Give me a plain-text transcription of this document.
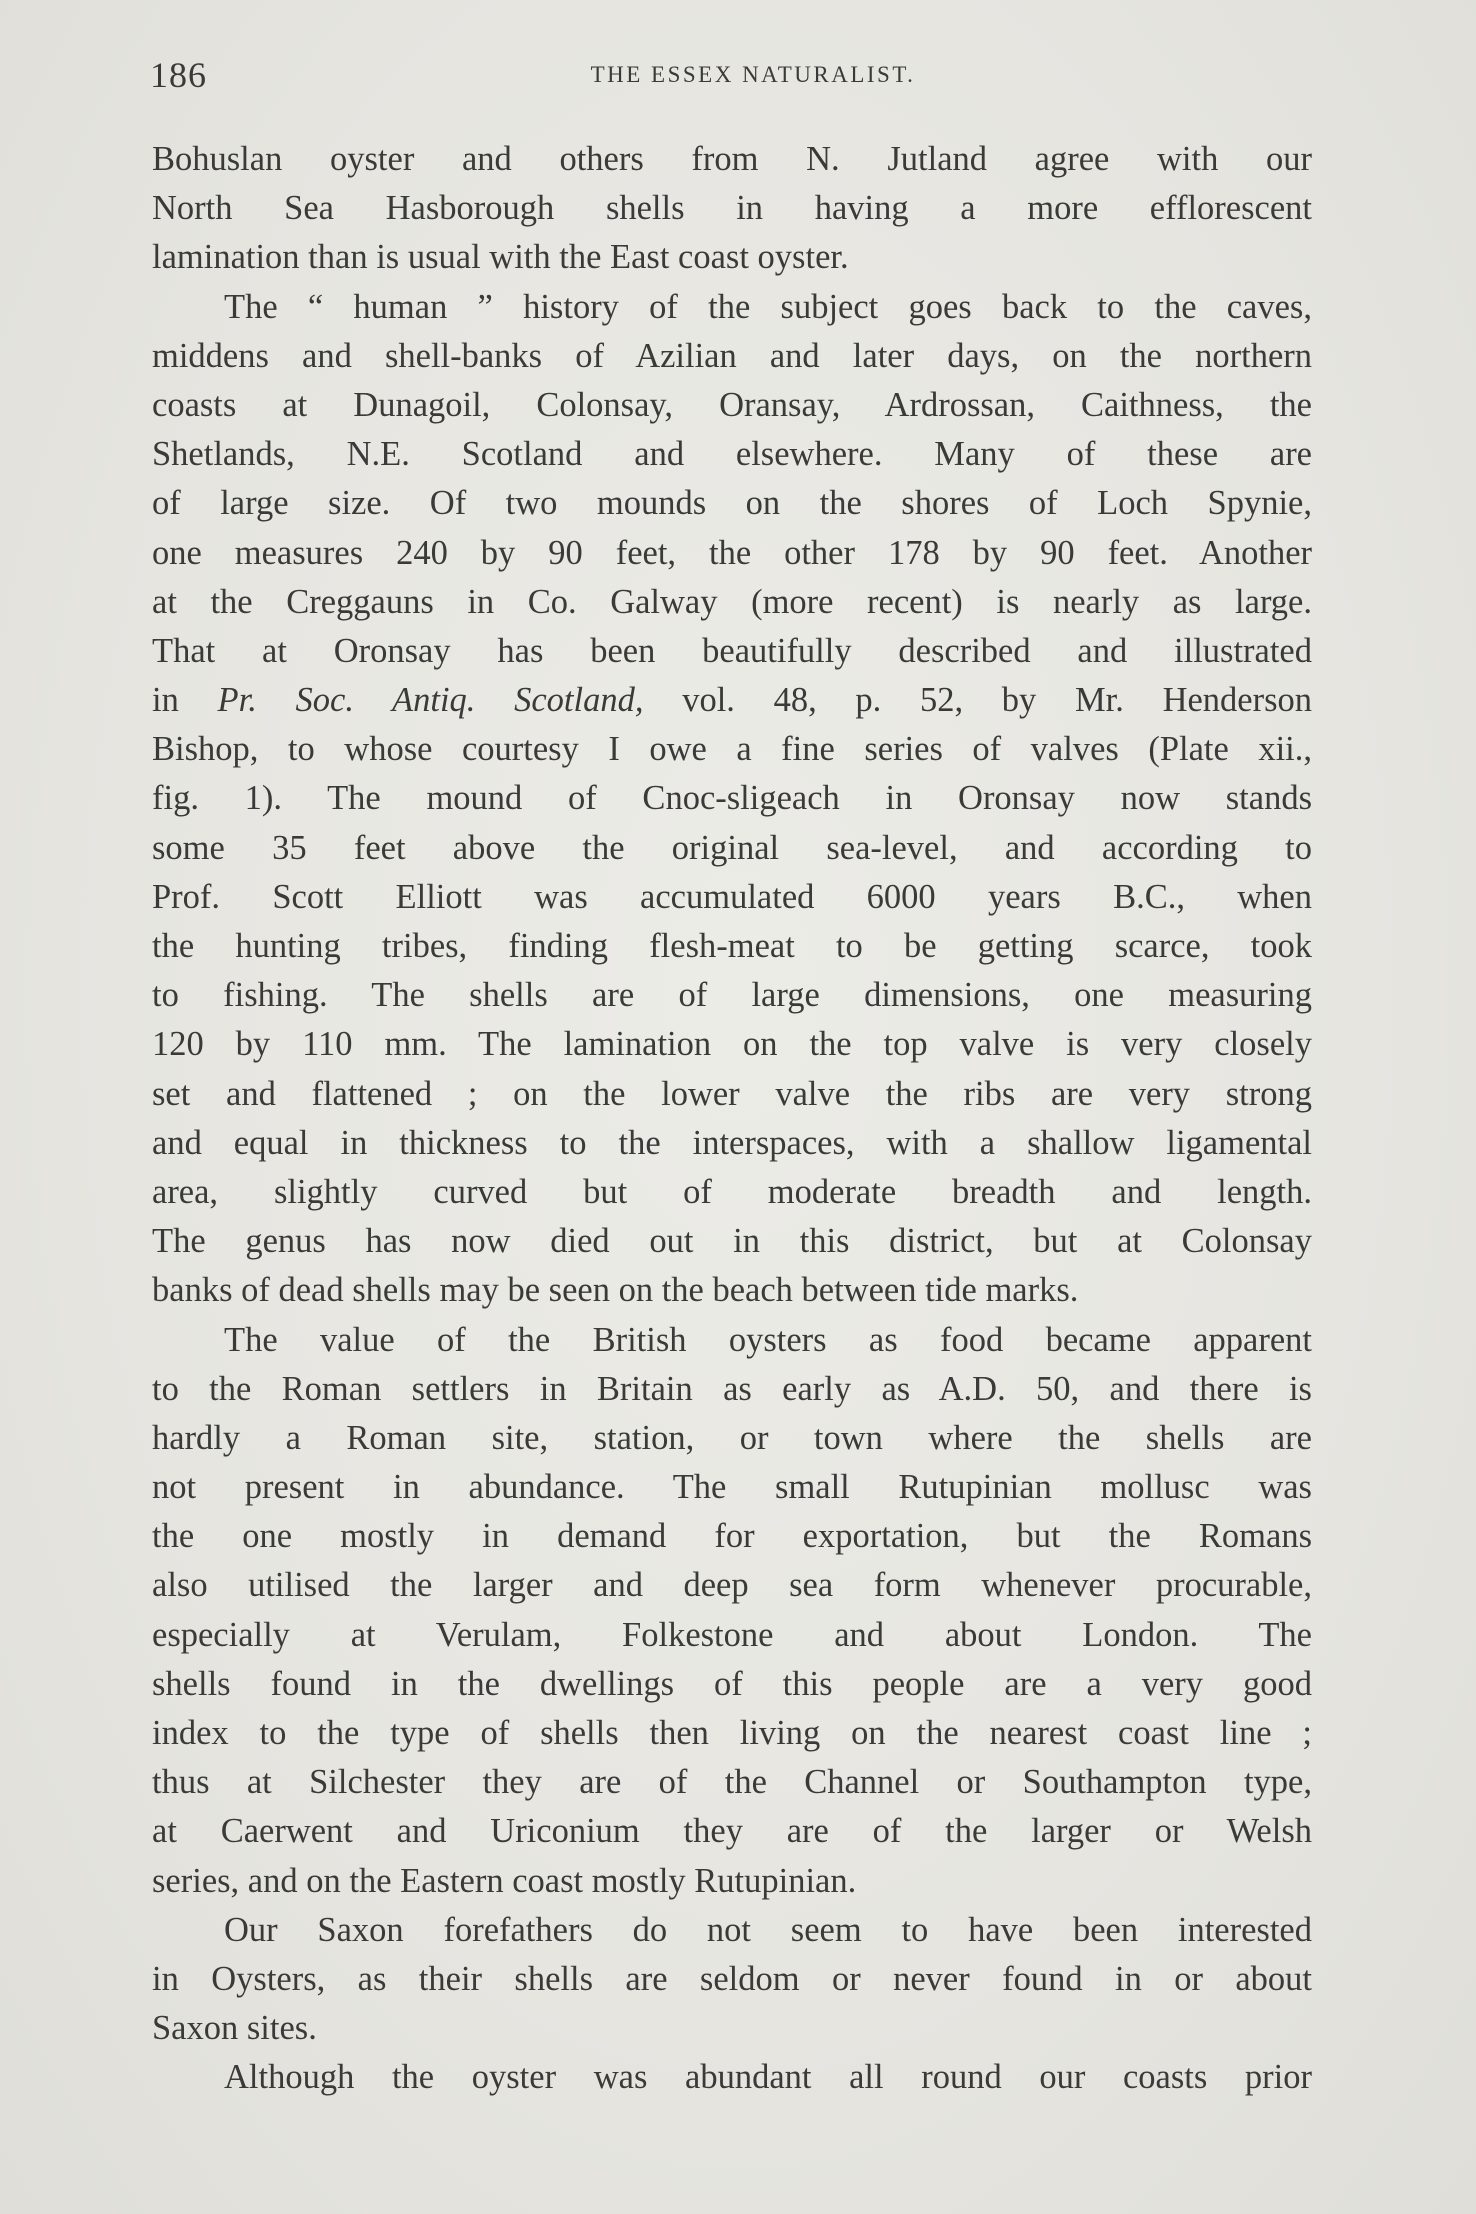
186	THE ESSEX NATURALIST.
Bohuslan oyster and others from N. Jutland agree with our
North Sea Hasborough shells in having a more efflorescent
lamination than is usual with the East coast oyster.
The “ human ” history of the subject goes back to the caves,
middens and shell-banks of Azilian and later days, on the northern
coasts at Dunagoil, Colonsay, Oransay, Ardrossan, Caithness, the
Shetlands, N.E. Scotland and elsewhere. Many of these are
of large size. Of two mounds on the shores of Loch Spynie,
one measures 240 by 90 feet, the other 178 by 90 feet. Another
at the Creggauns in Co. Galway (more recent) is nearly as large.
That at Oronsay has been beautifully described and illustrated
in Pr. Soc. Antiq. Scotland, vol. 48, p. 52, by Mr. Henderson
Bishop, to whose courtesy I owe a fine series of valves (Plate xii.,
fig. 1). The mound of Cnoc-sligeach in Oronsay now stands
some 35 feet above the original sea-level, and according to
Prof. Scott Elliott was accumulated 6000 years B.C., when
the hunting tribes, finding flesh-meat to be getting scarce, took
to fishing. The shells are of large dimensions, one measuring
120 by 110 mm. The lamination on the top valve is very closely
set and flattened ; on the lower valve the ribs are very strong
and equal in thickness to the interspaces, with a shallow ligamental
area, slightly curved but of moderate breadth and length.
The genus has now died out in this district, but at Colonsay
banks of dead shells may be seen on the beach between tide marks.
The value of the British oysters as food became apparent
to the Roman settlers in Britain as early as A.D. 50, and there is
hardly a Roman site, station, or town where the shells are
not present in abundance. The small Rutupinian mollusc was
the one mostly in demand for exportation, but the Romans
also utilised the larger and deep sea form whenever procurable,
especially at Verulam, Folkestone and about London. The
shells found in the dwellings of this people are a very good
index to the type of shells then living on the nearest coast line ;
thus at Silchester they are of the Channel or Southampton type,
at Caerwent and Uriconium they are of the larger or Welsh
series, and on the Eastern coast mostly Rutupinian.
Our Saxon forefathers do not seem to have been interested
in Oysters, as their shells are seldom or never found in or about
Saxon sites.
Although the oyster was abundant all round our coasts prior
